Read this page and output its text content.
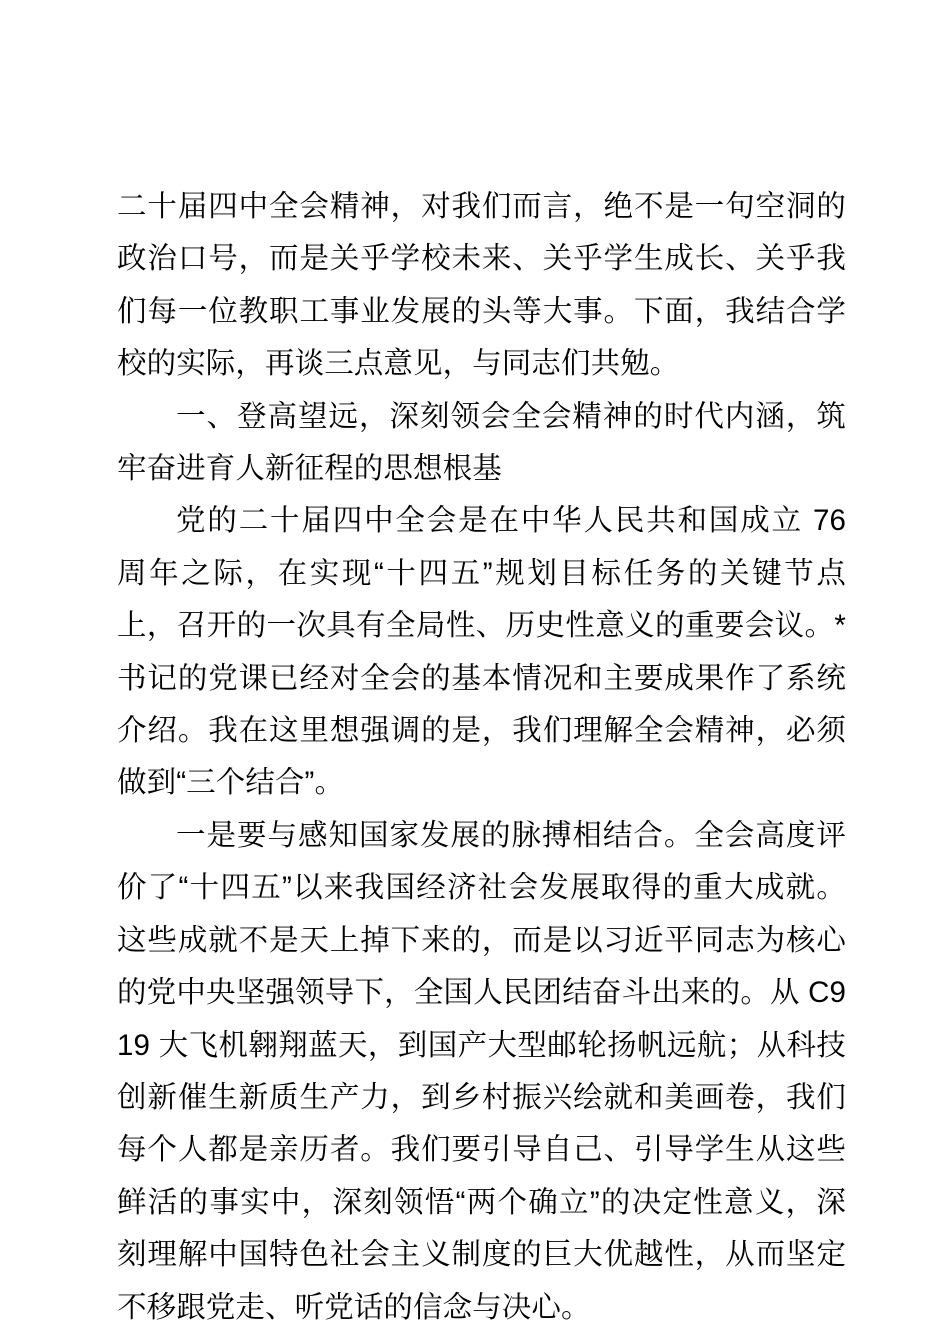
二十届四中全会精神，对我们而言，绝不是一句空洞的政治口号，而是关乎学校未来、关乎学生成长、关乎我们每一位教职工事业发展的头等大事。下面，我结合学校的实际，再谈三点意见，与同志们共勉。

一、登高望远，深刻领会全会精神的时代内涵，筑牢奋进育人新征程的思想根基

党的二十届四中全会是在中华人民共和国成立 76 周年之际，在实现“十四五”规划目标任务的关键节点上，召开的一次具有全局性、历史性意义的重要会议。*书记的党课已经对全会的基本情况和主要成果作了系统介绍。我在这里想强调的是，我们理解全会精神，必须做到“三个结合”。

一是要与感知国家发展的脉搏相结合。全会高度评价了“十四五”以来我国经济社会发展取得的重大成就。这些成就不是天上掉下来的，而是以习近平同志为核心的党中央坚强领导下，全国人民团结奋斗出来的。从 C919 大飞机翱翔蓝天，到国产大型邮轮扬帆远航；从科技创新催生新质生产力，到乡村振兴绘就和美画卷，我们每个人都是亲历者。我们要引导自己、引导学生从这些鲜活的事实中，深刻领悟“两个确立”的决定性意义，深刻理解中国特色社会主义制度的巨大优越性，从而坚定不移跟党走、听党话的信念与决心。
